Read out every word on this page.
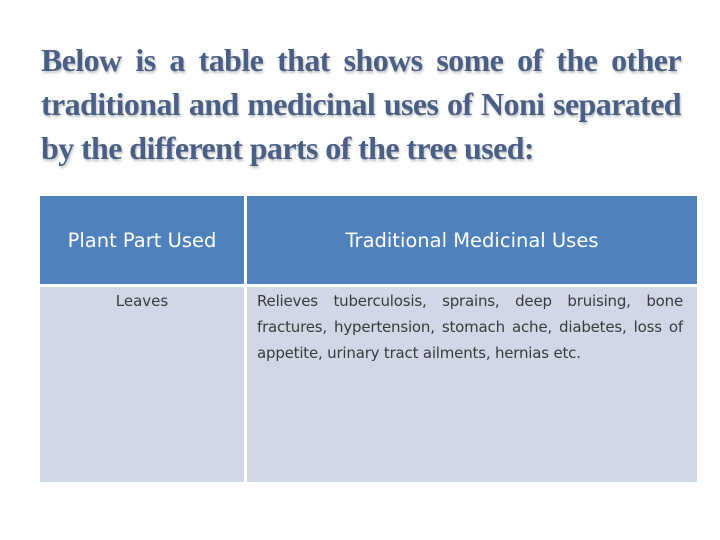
Below is a table that shows some of the other traditional and medicinal uses of Noni separated by the different parts of the tree used:
Plant Part Used	Traditional Medicinal Uses
Leaves	Relieves tuberculosis, sprains, deep bruising, bone fractures, hypertension, stomach ache, diabetes, loss of appetite, urinary tract ailments, hernias etc.
